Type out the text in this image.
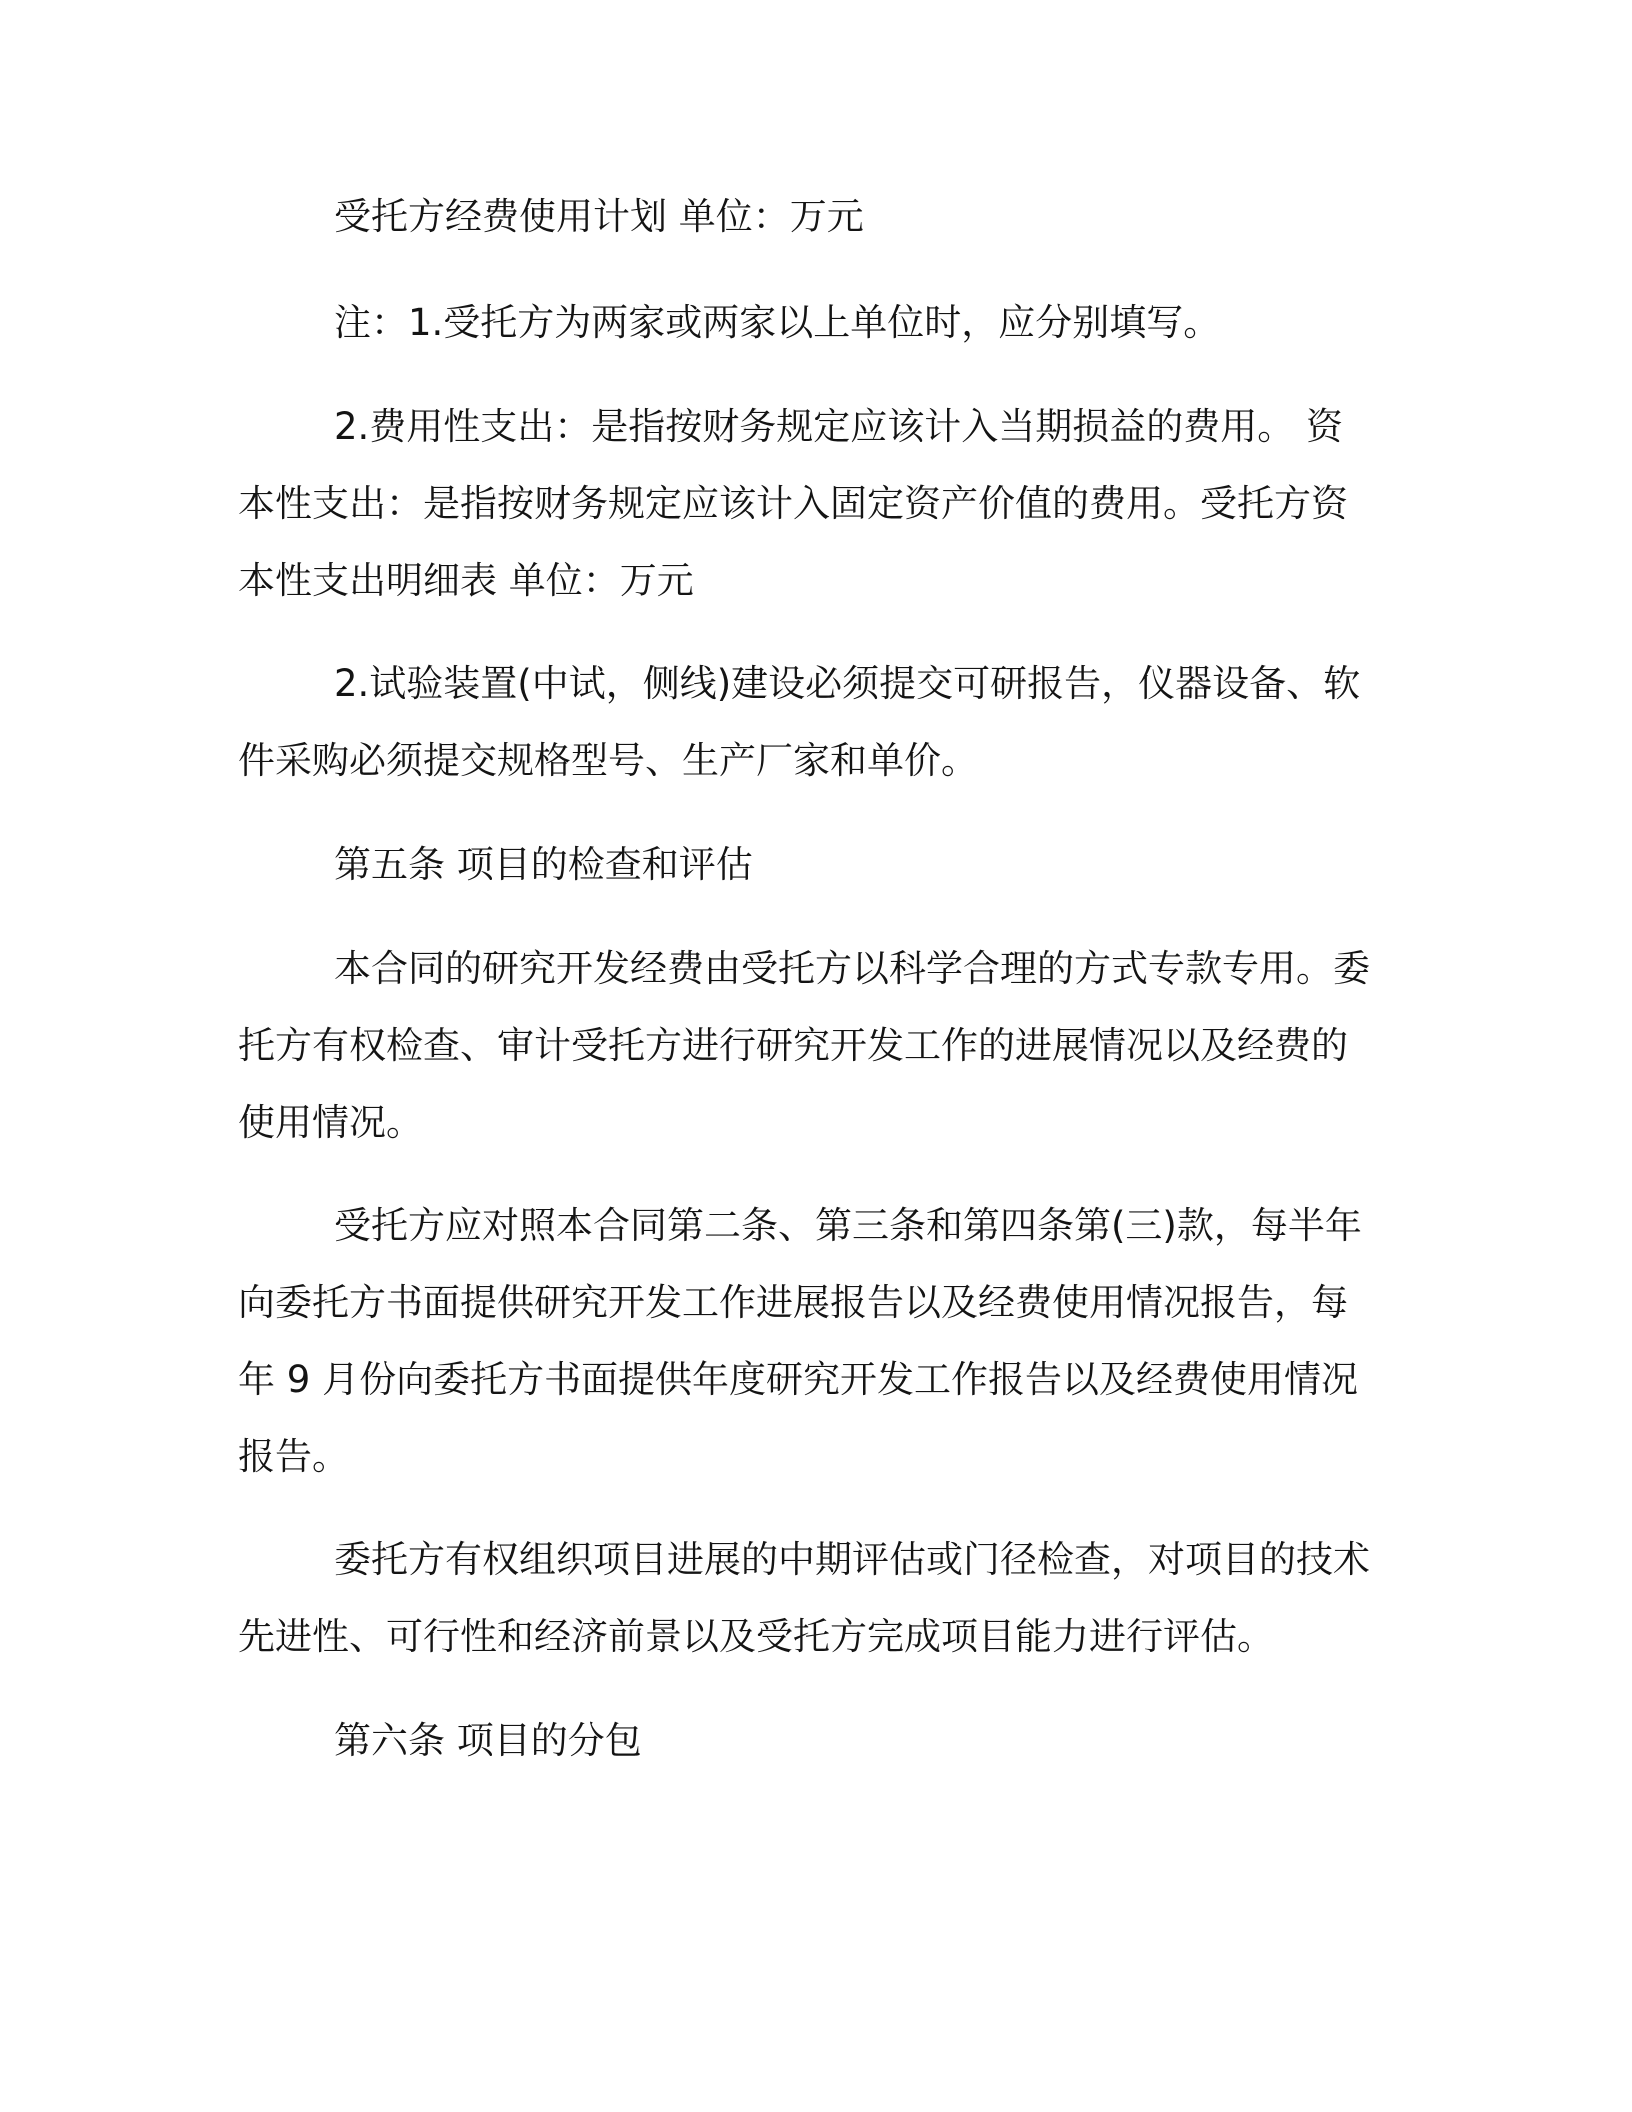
受托方经费使用计划 单位：万元

注：1.受托方为两家或两家以上单位时，应分别填写。

2.费用性支出：是指按财务规定应该计入当期损益的费用。 资本性支出：是指按财务规定应该计入固定资产价值的费用。受托方资本性支出明细表 单位：万元

2.试验装置(中试，侧线)建设必须提交可研报告，仪器设备、软件采购必须提交规格型号、生产厂家和单价。

第五条 项目的检查和评估

本合同的研究开发经费由受托方以科学合理的方式专款专用。委托方有权检查、审计受托方进行研究开发工作的进展情况以及经费的使用情况。

受托方应对照本合同第二条、第三条和第四条第(三)款，每半年向委托方书面提供研究开发工作进展报告以及经费使用情况报告，每年 9 月份向委托方书面提供年度研究开发工作报告以及经费使用情况报告。

委托方有权组织项目进展的中期评估或门径检查，对项目的技术先进性、可行性和经济前景以及受托方完成项目能力进行评估。

第六条 项目的分包
